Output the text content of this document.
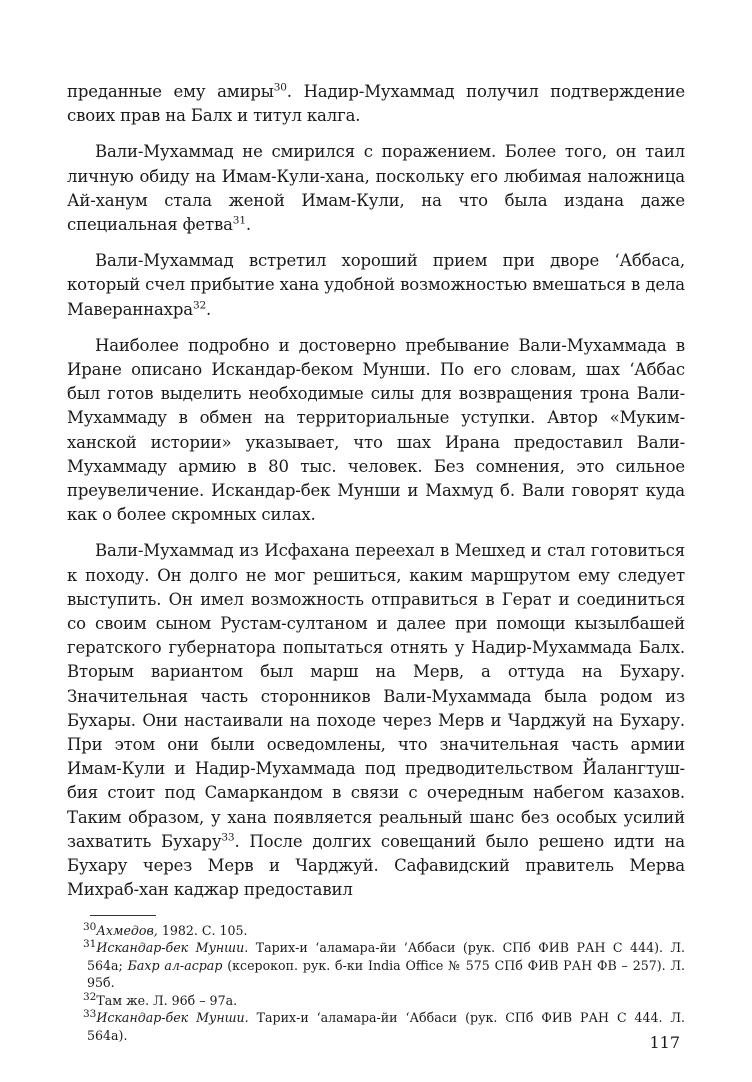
преданные ему амиры$^{30}$. Надир-Мухаммад получил подтверждение своих прав на Балх и титул калга.

Вали-Мухаммад не смирился с поражением. Более того, он таил личную обиду на Имам-Кули-хана, поскольку его любимая наложница Ай-ханум стала женой Имам-Кули, на что была издана даже специальная фетва$^{31}$.

Вали-Мухаммад встретил хороший прием при дворе ʻАббаса, который счел прибытие хана удобной возможностью вмешаться в дела Мавераннахра$^{32}$.

Наиболее подробно и достоверно пребывание Вали-Мухаммада в Иране описано Искандар-беком Мунши. По его словам, шах ʻАббас был готов выделить необходимые силы для возвращения трона Вали-Мухаммаду в обмен на территориальные уступки. Автор «Муким-ханской истории» указывает, что шах Ирана предоставил Вали-Мухаммаду армию в 80 тыс. человек. Без сомнения, это сильное преувеличение. Искандар-бек Мунши и Махмуд б. Вали говорят куда как о более скромных силах.

Вали-Мухаммад из Исфахана переехал в Мешхед и стал готовиться к походу. Он долго не мог решиться, каким маршрутом ему следует выступить. Он имел возможность отправиться в Герат и соединиться со своим сыном Рустам-султаном и далее при помощи кызылбашей гератского губернатора попытаться отнять у Надир-Мухаммада Балх. Вторым вариантом был марш на Мерв, а оттуда на Бухару. Значительная часть сторонников Вали-Мухаммада была родом из Бухары. Они настаивали на походе через Мерв и Чарджуй на Бухару. При этом они были осведомлены, что значительная часть армии Имам-Кули и Надир-Мухаммада под предводительством Йалангтуш-бия стоит под Самаркандом в связи с очередным набегом казахов. Таким образом, у хана появляется реальный шанс без особых усилий захватить Бухару$^{33}$. После долгих совещаний было решено идти на Бухару через Мерв и Чарджуй. Сафавидский правитель Мерва Михраб-хан каджар предоставил

$^{30}$Ахмедов, 1982. С. 105.

$^{31}$Искандар-бек Мунши. Тарих-и ʻаламара-йи ʻАббаси (рук. СПб ФИВ РАН С 444). Л. 564а; Бахр ал-асрар (ксерокоп. рук. б-ки India Office № 575 СПб ФИВ РАН ФВ – 257). Л. 95б.

$^{32}$Там же. Л. 96б – 97а.

$^{33}$Искандар-бек Мунши. Тарих-и ʻаламара-йи ʻАббаси (рук. СПб ФИВ РАН С 444. Л. 564а).	117
